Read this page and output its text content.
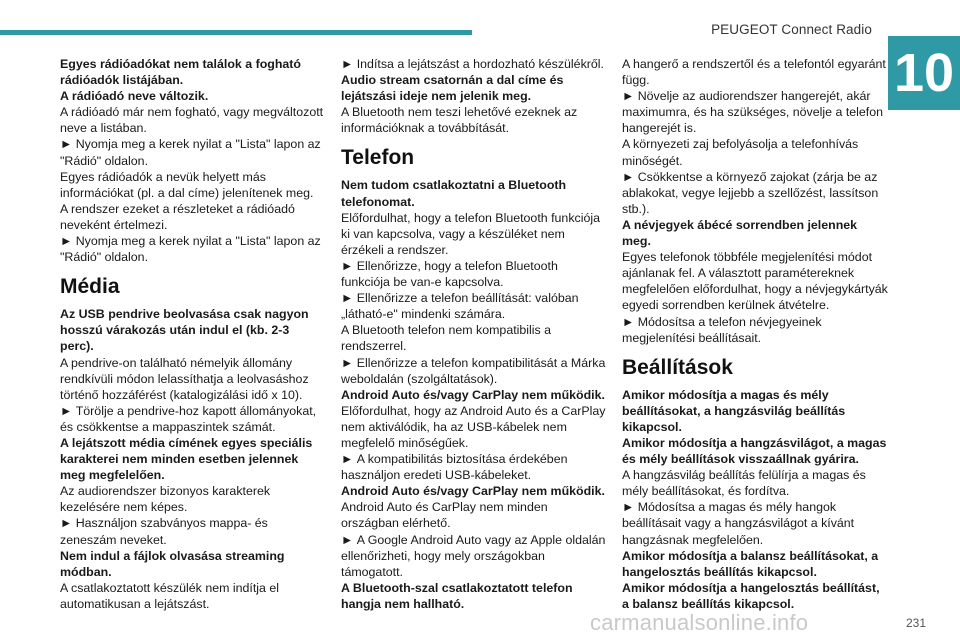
PEUGEOT Connect Radio
10

Egyes rádióadókat nem találok a fogható rádióadók listájában.

A rádióadó neve változik.

A rádióadó már nem fogható, vagy megváltozott neve a listában.

► Nyomja meg a kerek nyilat a "Lista" lapon az "Rádió" oldalon.

Egyes rádióadók a nevük helyett más információkat (pl. a dal címe) jelenítenek meg.

A rendszer ezeket a részleteket a rádióadó neveként értelmezi.

► Nyomja meg a kerek nyilat a "Lista" lapon az "Rádió" oldalon.

Média

Az USB pendrive beolvasása csak nagyon hosszú várakozás után indul el (kb. 2-3 perc).

A pendrive-on található némelyik állomány rendkívüli módon lelassíthatja a leolvasáshoz történő hozzáférést (katalogizálási idő x 10).

► Törölje a pendrive-hoz kapott állományokat, és csökkentse a mappaszintek számát.

A lejátszott média címének egyes speciális karakterei nem minden esetben jelennek meg megfelelően.

Az audiorendszer bizonyos karakterek kezelésére nem képes.

► Használjon szabványos mappa- és zeneszám neveket.

Nem indul a fájlok olvasása streaming módban.

A csatlakoztatott készülék nem indítja el automatikusan a lejátszást.

► Indítsa a lejátszást a hordozható készülékről.

Audio stream csatornán a dal címe és lejátszási ideje nem jelenik meg.

A Bluetooth nem teszi lehetővé ezeknek az információknak a továbbítását.

Telefon

Nem tudom csatlakoztatni a Bluetooth telefonomat.

Előfordulhat, hogy a telefon Bluetooth funkciója ki van kapcsolva, vagy a készüléket nem érzékeli a rendszer.

► Ellenőrizze, hogy a telefon Bluetooth funkciója be van-e kapcsolva.

► Ellenőrizze a telefon beállítását: valóban „látható-e" mindenki számára.

A Bluetooth telefon nem kompatibilis a rendszerrel.

► Ellenőrizze a telefon kompatibilitását a Márka weboldalán (szolgáltatások).

Android Auto és/vagy CarPlay nem működik.

Előfordulhat, hogy az Android Auto és a CarPlay nem aktiválódik, ha az USB-kábelek nem megfelelő minőségűek.

► A kompatibilitás biztosítása érdekében használjon eredeti USB-kábeleket.

Android Auto és/vagy CarPlay nem működik.

Android Auto és CarPlay nem minden országban elérhető.

► A Google Android Auto vagy az Apple oldalán ellenőrizheti, hogy mely országokban támogatott.

A Bluetooth-szal csatlakoztatott telefon hangja nem hallható.

A hangerő a rendszertől és a telefontól egyaránt függ.

► Növelje az audiorendszer hangerejét, akár maximumra, és ha szükséges, növelje a telefon hangerejét is.

A környezeti zaj befolyásolja a telefonhívás minőségét.

► Csökkentse a környező zajokat (zárja be az ablakokat, vegye lejjebb a szellőzést, lassítson stb.).

A névjegyek ábécé sorrendben jelennek meg.

Egyes telefonok többféle megjelenítési módot ajánlanak fel. A választott paramétereknek megfelelően előfordulhat, hogy a névjegykártyák egyedi sorrendben kerülnek átvételre.

► Módosítsa a telefon névjegyeinek megjelenítési beállításait.

Beállítások

Amikor módosítja a magas és mély beállításokat, a hangzásvilág beállítás kikapcsol.

Amikor módosítja a hangzásvilágot, a magas és mély beállítások visszaállnak gyárira.

A hangzásvilág beállítás felülírja a magas és mély beállításokat, és fordítva.

► Módosítsa a magas és mély hangok beállításait vagy a hangzásvilágot a kívánt hangzásnak megfelelően.

Amikor módosítja a balansz beállításokat, a hangelosztás beállítás kikapcsol.

Amikor módosítja a hangelosztás beállítást, a balansz beállítás kikapcsol.

carmanualsonline.info	231
